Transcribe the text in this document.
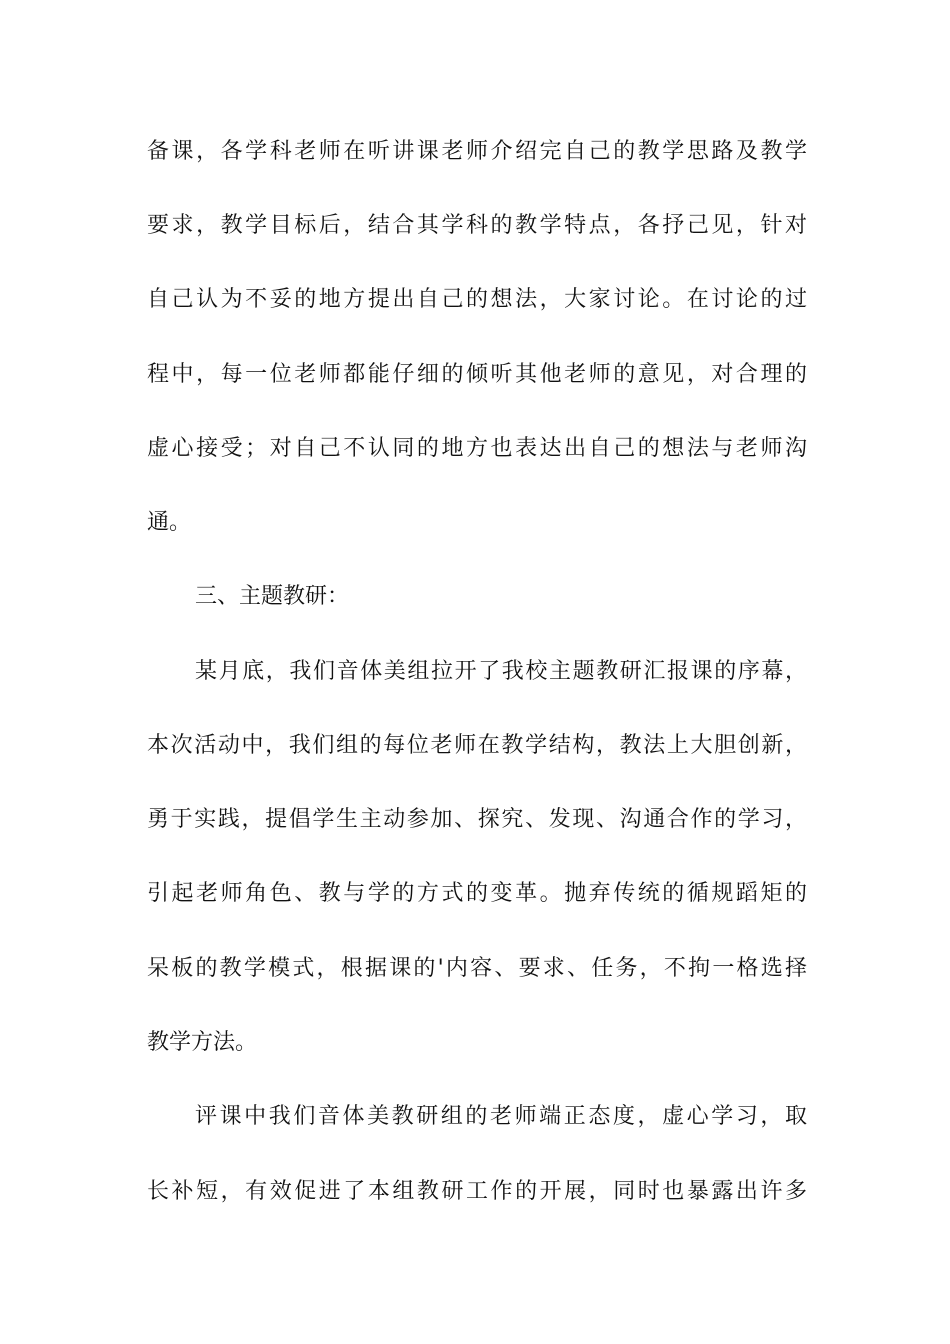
备课，各学科老师在听讲课老师介绍完自己的教学思路及教学
要求，教学目标后，结合其学科的教学特点，各抒己见，针对
自己认为不妥的地方提出自己的想法，大家讨论。在讨论的过
程中，每一位老师都能仔细的倾听其他老师的意见，对合理的
虚心接受；对自己不认同的地方也表达出自己的想法与老师沟
通。
三、主题教研：
某月底，我们音体美组拉开了我校主题教研汇报课的序幕，
本次活动中，我们组的每位老师在教学结构，教法上大胆创新，
勇于实践，提倡学生主动参加、探究、发现、沟通合作的学习，
引起老师角色、教与学的方式的变革。抛弃传统的循规蹈矩的
呆板的教学模式，根据课的'内容、要求、任务，不拘一格选择
教学方法。
评课中我们音体美教研组的老师端正态度，虚心学习，取
长补短，有效促进了本组教研工作的开展，同时也暴露出许多
